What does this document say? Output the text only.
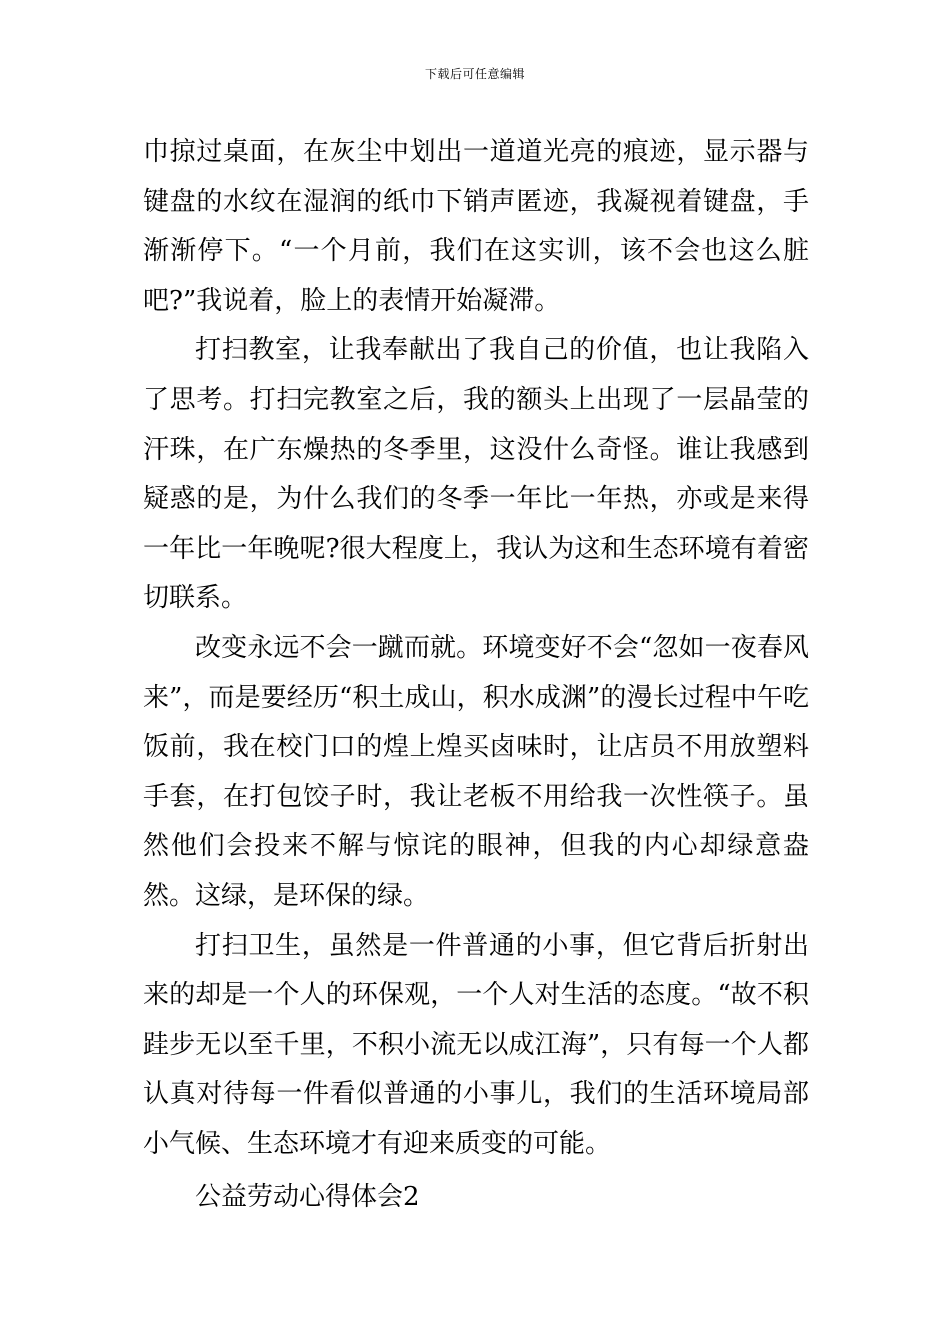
下载后可任意编辑

巾掠过桌面，在灰尘中划出一道道光亮的痕迹，显示器与键盘的水纹在湿润的纸巾下销声匿迹，我凝视着键盘，手渐渐停下。“一个月前，我们在这实训，该不会也这么脏吧?”我说着，脸上的表情开始凝滞。

打扫教室，让我奉献出了我自己的价值，也让我陷入了思考。打扫完教室之后，我的额头上出现了一层晶莹的汗珠，在广东燥热的冬季里，这没什么奇怪。谁让我感到疑惑的是，为什么我们的冬季一年比一年热，亦或是来得一年比一年晚呢?很大程度上，我认为这和生态环境有着密切联系。

改变永远不会一蹴而就。环境变好不会“忽如一夜春风来”，而是要经历“积土成山，积水成渊”的漫长过程中午吃饭前，我在校门口的煌上煌买卤味时，让店员不用放塑料手套，在打包饺子时，我让老板不用给我一次性筷子。虽然他们会投来不解与惊诧的眼神，但我的内心却绿意盎然。这绿，是环保的绿。

打扫卫生，虽然是一件普通的小事，但它背后折射出来的却是一个人的环保观，一个人对生活的态度。“故不积跬步无以至千里，不积小流无以成江海”，只有每一个人都认真对待每一件看似普通的小事儿，我们的生活环境局部小气候、生态环境才有迎来质变的可能。

公益劳动心得体会2
